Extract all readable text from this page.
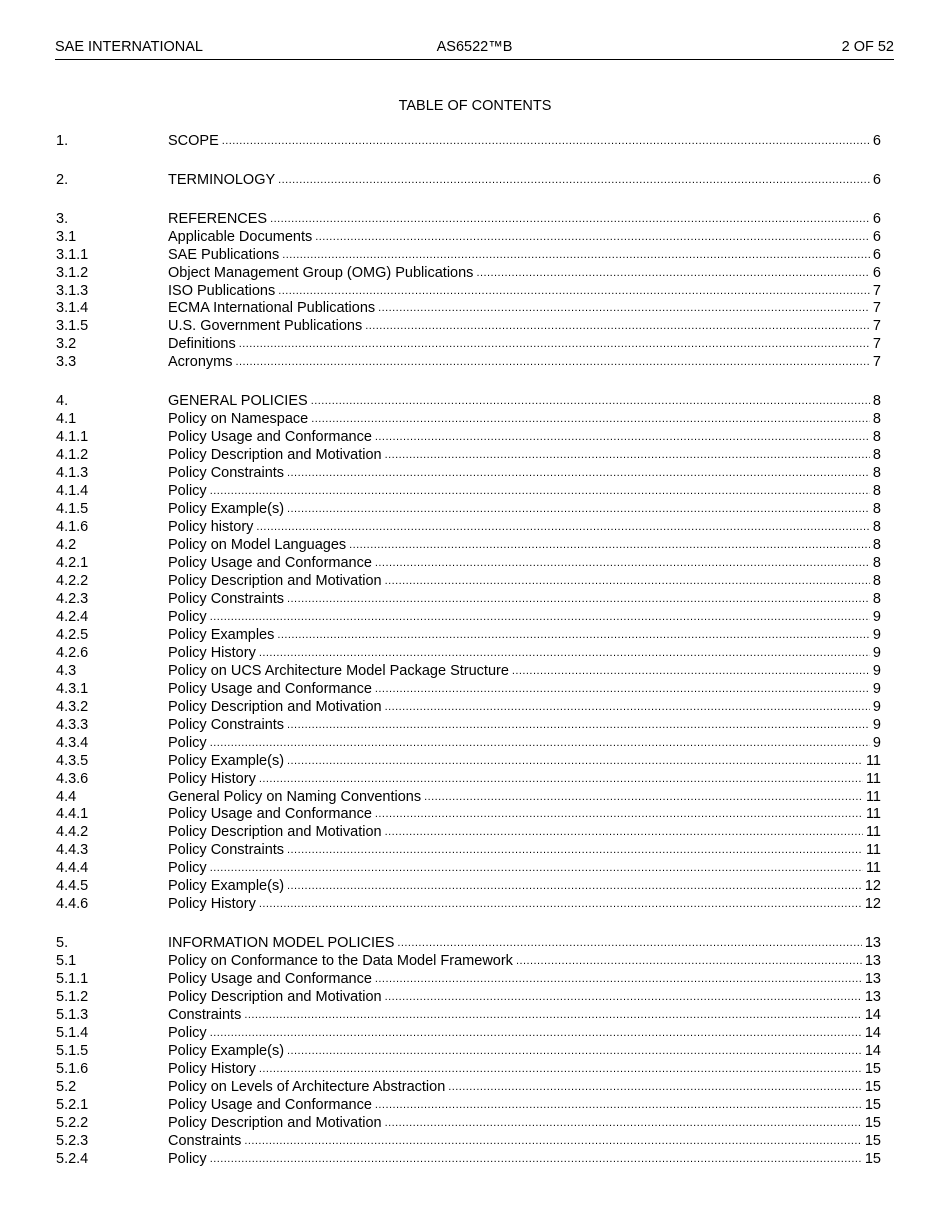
SAE INTERNATIONAL	AS6522™B	2 OF 52
TABLE OF CONTENTS
1.	SCOPE .....	6
2.	TERMINOLOGY .....	6
3.	REFERENCES .....	6
3.1	Applicable Documents .....	6
3.1.1	SAE Publications .....	6
3.1.2	Object Management Group (OMG) Publications .....	6
3.1.3	ISO Publications .....	7
3.1.4	ECMA International Publications .....	7
3.1.5	U.S. Government Publications .....	7
3.2	Definitions .....	7
3.3	Acronyms .....	7
4.	GENERAL POLICIES .....	8
4.1	Policy on Namespace .....	8
4.1.1	Policy Usage and Conformance .....	8
4.1.2	Policy Description and Motivation .....	8
4.1.3	Policy Constraints .....	8
4.1.4	Policy .....	8
4.1.5	Policy Example(s) .....	8
4.1.6	Policy history .....	8
4.2	Policy on Model Languages .....	8
4.2.1	Policy Usage and Conformance .....	8
4.2.2	Policy Description and Motivation .....	8
4.2.3	Policy Constraints .....	8
4.2.4	Policy .....	9
4.2.5	Policy Examples .....	9
4.2.6	Policy History .....	9
4.3	Policy on UCS Architecture Model Package Structure .....	9
4.3.1	Policy Usage and Conformance .....	9
4.3.2	Policy Description and Motivation .....	9
4.3.3	Policy Constraints .....	9
4.3.4	Policy .....	9
4.3.5	Policy Example(s) .....	11
4.3.6	Policy History .....	11
4.4	General Policy on Naming Conventions .....	11
4.4.1	Policy Usage and Conformance .....	11
4.4.2	Policy Description and Motivation .....	11
4.4.3	Policy Constraints .....	11
4.4.4	Policy .....	11
4.4.5	Policy Example(s) .....	12
4.4.6	Policy History .....	12
5.	INFORMATION MODEL POLICIES .....	13
5.1	Policy on Conformance to the Data Model Framework .....	13
5.1.1	Policy Usage and Conformance .....	13
5.1.2	Policy Description and Motivation .....	13
5.1.3	Constraints .....	14
5.1.4	Policy .....	14
5.1.5	Policy Example(s) .....	14
5.1.6	Policy History .....	15
5.2	Policy on Levels of Architecture Abstraction .....	15
5.2.1	Policy Usage and Conformance .....	15
5.2.2	Policy Description and Motivation .....	15
5.2.3	Constraints .....	15
5.2.4	Policy .....	15
